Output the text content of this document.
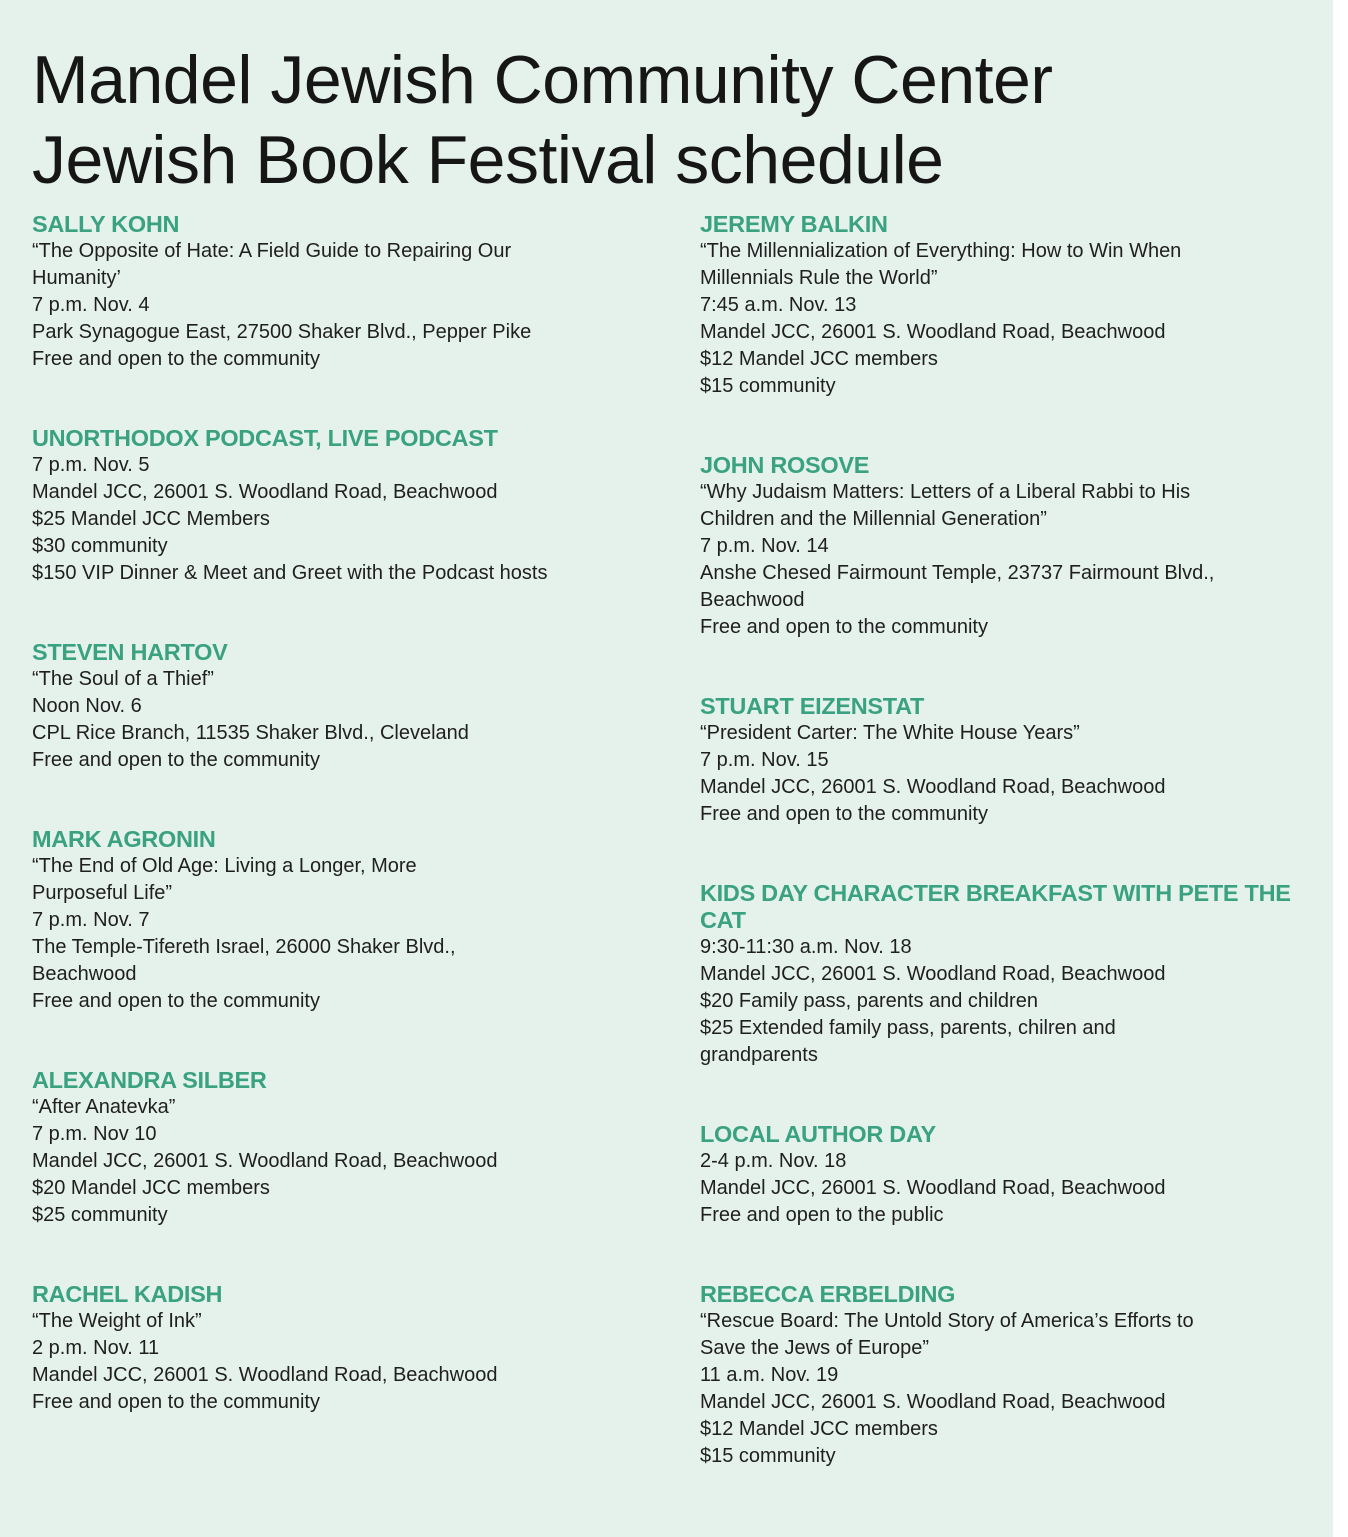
Mandel Jewish Community Center
Jewish Book Festival schedule
SALLY KOHN
“The Opposite of Hate: A Field Guide to Repairing Our
Humanity’
7 p.m. Nov. 4
Park Synagogue East, 27500 Shaker Blvd., Pepper Pike
Free and open to the community
UNORTHODOX PODCAST, LIVE PODCAST
7 p.m. Nov. 5
Mandel JCC, 26001 S. Woodland Road, Beachwood
$25 Mandel JCC Members
$30 community
$150 VIP Dinner & Meet and Greet with the Podcast hosts
STEVEN HARTOV
“The Soul of a Thief”
Noon Nov. 6
CPL Rice Branch, 11535 Shaker Blvd., Cleveland
Free and open to the community
MARK AGRONIN
“The End of Old Age: Living a Longer, More
Purposeful Life”
7 p.m. Nov. 7
The Temple-Tifereth Israel, 26000 Shaker Blvd.,
Beachwood
Free and open to the community
ALEXANDRA SILBER
“After Anatevka”
7 p.m. Nov 10
Mandel JCC, 26001 S. Woodland Road, Beachwood
$20 Mandel JCC members
$25 community
RACHEL KADISH
“The Weight of Ink”
2 p.m. Nov. 11
Mandel JCC, 26001 S. Woodland Road, Beachwood
Free and open to the community
JEREMY BALKIN
“The Millennialization of Everything: How to Win When
Millennials Rule the World”
7:45 a.m. Nov. 13
Mandel JCC, 26001 S. Woodland Road, Beachwood
$12 Mandel JCC members
$15 community
JOHN ROSOVE
“Why Judaism Matters: Letters of a Liberal Rabbi to His
Children and the Millennial Generation”
7 p.m. Nov. 14
Anshe Chesed Fairmount Temple, 23737 Fairmount Blvd.,
Beachwood
Free and open to the community
STUART EIZENSTAT
“President Carter: The White House Years”
7 p.m. Nov. 15
Mandel JCC, 26001 S. Woodland Road, Beachwood
Free and open to the community
KIDS DAY CHARACTER BREAKFAST WITH PETE THE CAT
9:30-11:30 a.m. Nov. 18
Mandel JCC, 26001 S. Woodland Road, Beachwood
$20 Family pass, parents and children
$25 Extended family pass, parents, chilren and
grandparents
LOCAL AUTHOR DAY
2-4 p.m. Nov. 18
Mandel JCC, 26001 S. Woodland Road, Beachwood
Free and open to the public
REBECCA ERBELDING
“Rescue Board: The Untold Story of America’s Efforts to
Save the Jews of Europe”
11 a.m. Nov. 19
Mandel JCC, 26001 S. Woodland Road, Beachwood
$12 Mandel JCC members
$15 community
